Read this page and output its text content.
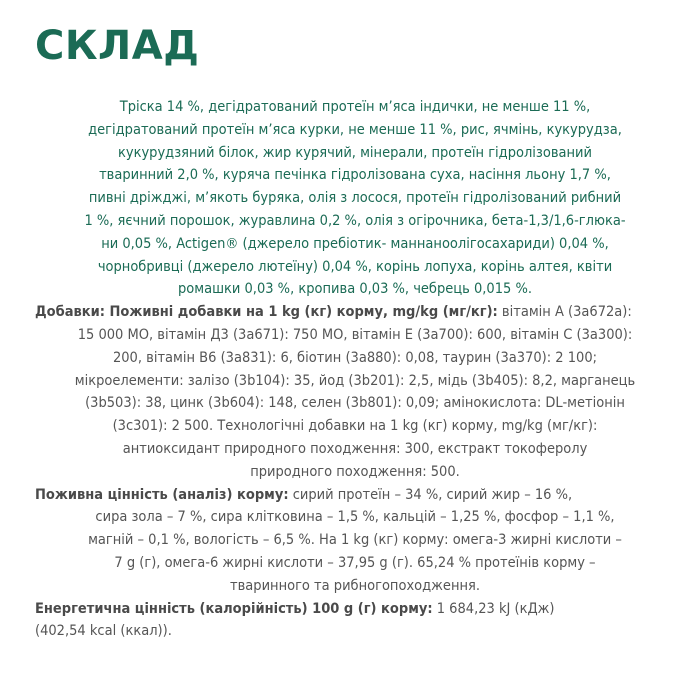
СКЛАД

Тріска 14 %, дегідратований протеїн м’яса індички, не менше 11 %,
дегідратований протеїн м’яса курки, не менше 11 %, рис, ячмінь, кукурудза,
кукурудзяний білок, жир курячий, мінерали, протеїн гідролізований
тваринний 2,0 %, куряча печінка гідролізована суха, насіння льону 1,7 %,
пивні дріжджі, м’якоть буряка, олія з лосося, протеїн гідролізований рибний
1 %, яєчний порошок, журавлина 0,2 %, олія з огірочника, бета-1,3/1,6-глюка-
ни 0,05 %, Actigen® (джерело пребіотик- маннаноолігосахариди) 0,04 %,
чорнобривці (джерело лютеїну) 0,04 %, корінь лопуха, корінь алтея, квіти
ромашки 0,03 %, кропива 0,03 %, чебрець 0,015 %.

Добавки: Поживні добавки на 1 kg (кг) корму, mg/kg (мг/кг): вітамін А (3а672а):
15 000 МО, вітамін Д3 (3а671): 750 МО, вітамін Е (3а700): 600, вітамін С (3а300):
200, вітамін В6 (3а831): 6, біотин (3а880): 0,08, таурин (3а370): 2 100;
мікроелементи: залізо (3b104): 35, йод (3b201): 2,5, мідь (3b405): 8,2, марганець
(3b503): 38, цинк (3b604): 148, селен (3b801): 0,09; амінокислота: DL-метіонін
(3c301): 2 500. Технологічні добавки на 1 kg (кг) корму, mg/kg (мг/кг):
антиоксидант природного походження: 300, екстракт токоферолу
природного походження: 500.

Поживна цінність (аналіз) корму: сирий протеїн – 34 %, сирий жир – 16 %,
сира зола – 7 %, сира клітковина – 1,5 %, кальцій – 1,25 %, фосфор – 1,1 %,
магній – 0,1 %, вологість – 6,5 %. На 1 kg (кг) корму: омега-3 жирні кислоти –
7 g (г), омега-6 жирні кислоти – 37,95 g (г). 65,24 % протеїнів корму –
тваринного та рибногопоходження.

Енергетична цінність (калорійність) 100 g (г) корму: 1 684,23 kJ (кДж)
(402,54 kcal (ккал)).
